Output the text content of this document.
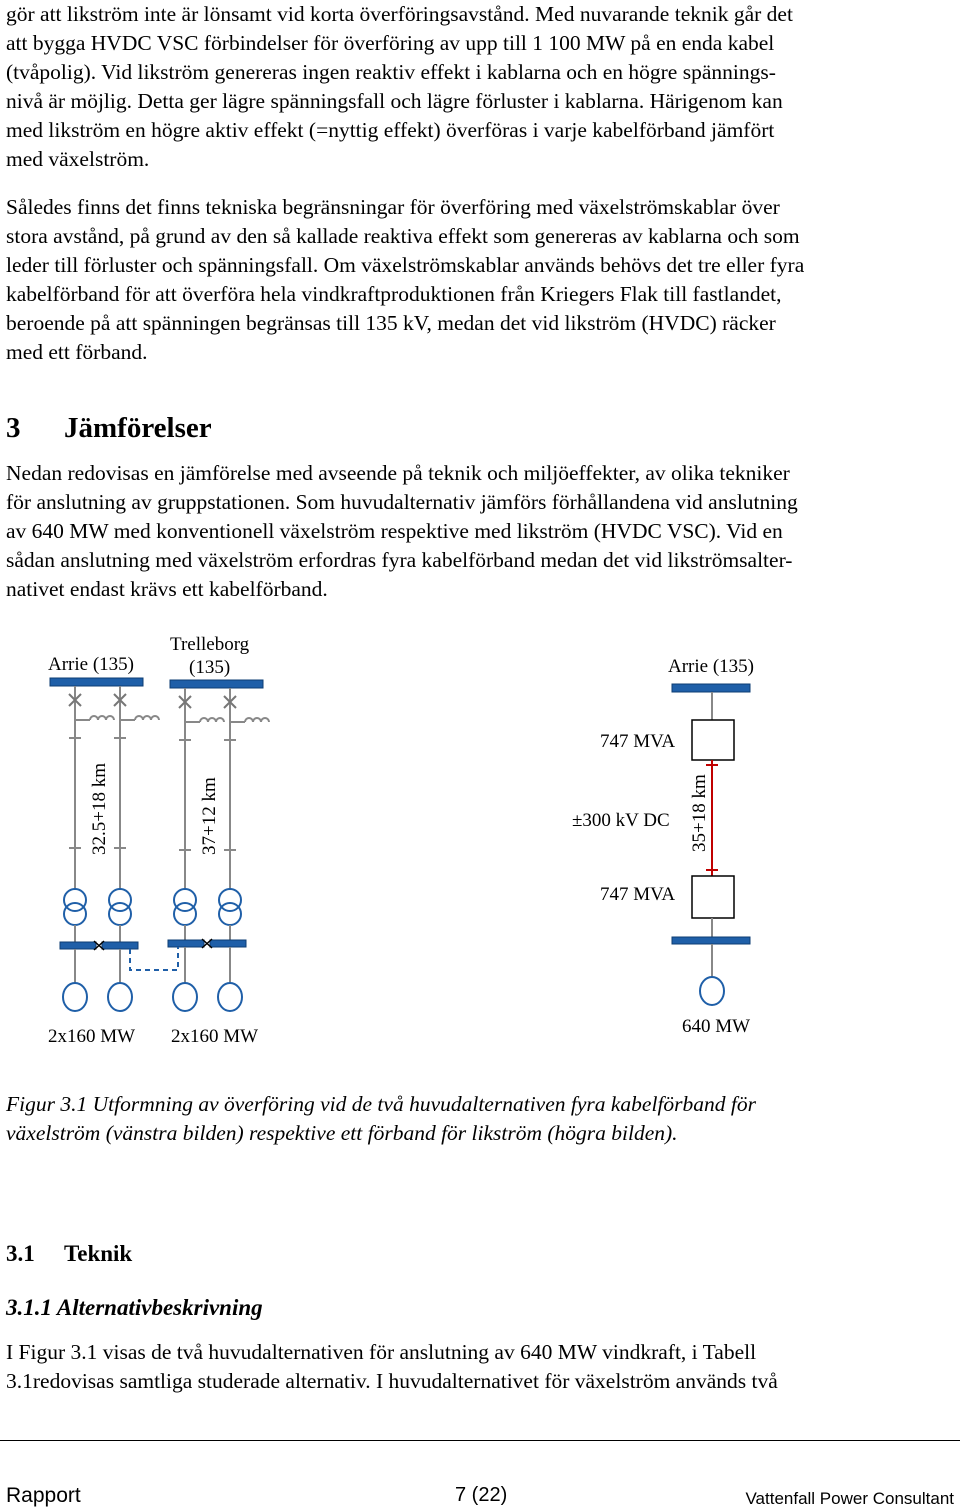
gör att likström inte är lönsamt vid korta överföringsavstånd. Med nuvarande teknik går det
att bygga HVDC VSC förbindelser för överföring av upp till 1 100 MW på en enda kabel
(tvåpolig). Vid likström genereras ingen reaktiv effekt i kablarna och en högre spännings-
nivå är möjlig. Detta ger lägre spänningsfall och lägre förluster i kablarna. Härigenom kan
med likström en högre aktiv effekt (=nyttig effekt) överföras i varje kabelförband jämfört
med växelström.
Således finns det finns tekniska begränsningar för överföring med växelströmskablar över
stora avstånd, på grund av den så kallade reaktiva effekt som genereras av kablarna och som
leder till förluster och spänningsfall. Om växelströmskablar används behövs det tre eller fyra
kabelförband för att överföra hela vindkraftproduktionen från Kriegers Flak till fastlandet,
beroende på att spänningen begränsas till 135 kV, medan det vid likström (HVDC) räcker
med ett förband.
3 Jämförelser
Nedan redovisas en jämförelse med avseende på teknik och miljöeffekter, av olika tekniker
för anslutning av gruppstationen. Som huvudalternativ jämförs förhållandena vid anslutning
av 640 MW med konventionell växelström respektive med likström (HVDC VSC). Vid en
sådan anslutning med växelström erfordras fyra kabelförband medan det vid likströmsalter-
nativet endast krävs ett kabelförband.
Arrie (135)
Trelleborg
(135)
32.5+18 km	37+12 km
2x160 MW 2x160 MW
Arrie (135)
747 MVA
±300 kV DC 35+18 km
747 MVA
640 MW
Figur 3.1 Utformning av överföring vid de två huvudalternativen fyra kabelförband för
växelström (vänstra bilden) respektive ett förband för likström (högra bilden).
3.1 Teknik
3.1.1 Alternativbeskrivning
I Figur 3.1 visas de två huvudalternativen för anslutning av 640 MW vindkraft, i Tabell
3.1redovisas samtliga studerade alternativ. I huvudalternativet för växelström används två
Rapport	7 (22)	Vattenfall Power Consultant
